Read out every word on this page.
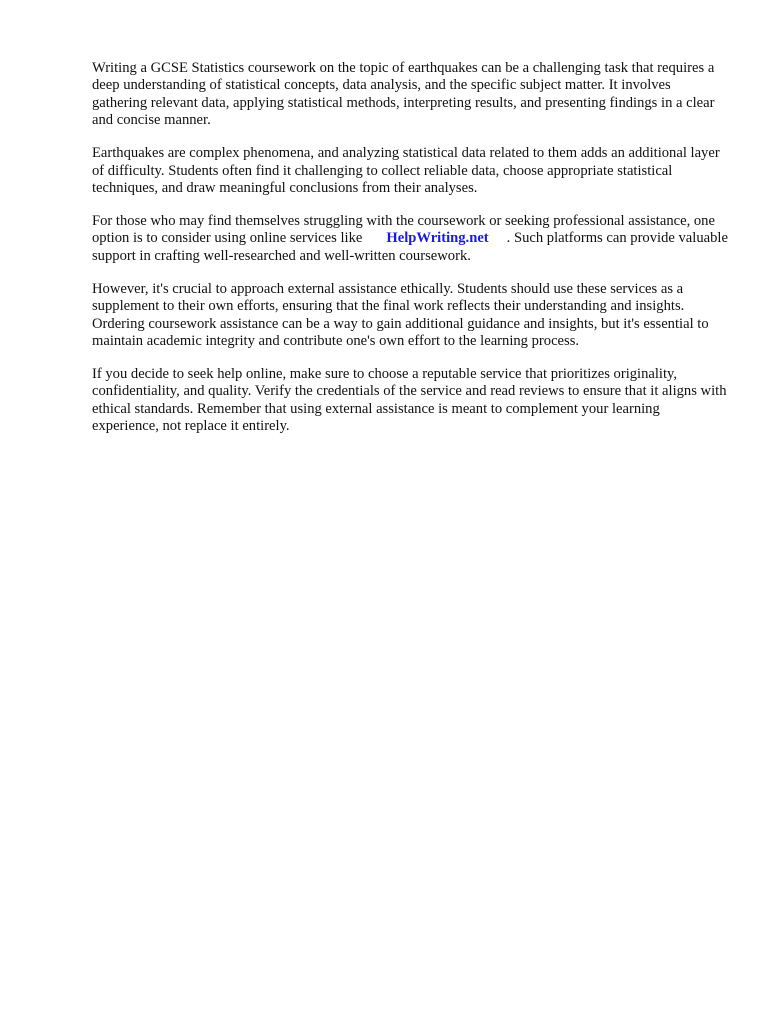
Writing a GCSE Statistics coursework on the topic of earthquakes can be a challenging task that requires a deep understanding of statistical concepts, data analysis, and the specific subject matter. It involves gathering relevant data, applying statistical methods, interpreting results, and presenting findings in a clear and concise manner.

Earthquakes are complex phenomena, and analyzing statistical data related to them adds an additional layer of difficulty. Students often find it challenging to collect reliable data, choose appropriate statistical techniques, and draw meaningful conclusions from their analyses.

For those who may find themselves struggling with the coursework or seeking professional assistance, one option is to consider using online services like HelpWriting.net . Such platforms can provide valuable support in crafting well-researched and well-written coursework.

However, it's crucial to approach external assistance ethically. Students should use these services as a supplement to their own efforts, ensuring that the final work reflects their understanding and insights. Ordering coursework assistance can be a way to gain additional guidance and insights, but it's essential to maintain academic integrity and contribute one's own effort to the learning process.

If you decide to seek help online, make sure to choose a reputable service that prioritizes originality, confidentiality, and quality. Verify the credentials of the service and read reviews to ensure that it aligns with ethical standards. Remember that using external assistance is meant to complement your learning experience, not replace it entirely.
